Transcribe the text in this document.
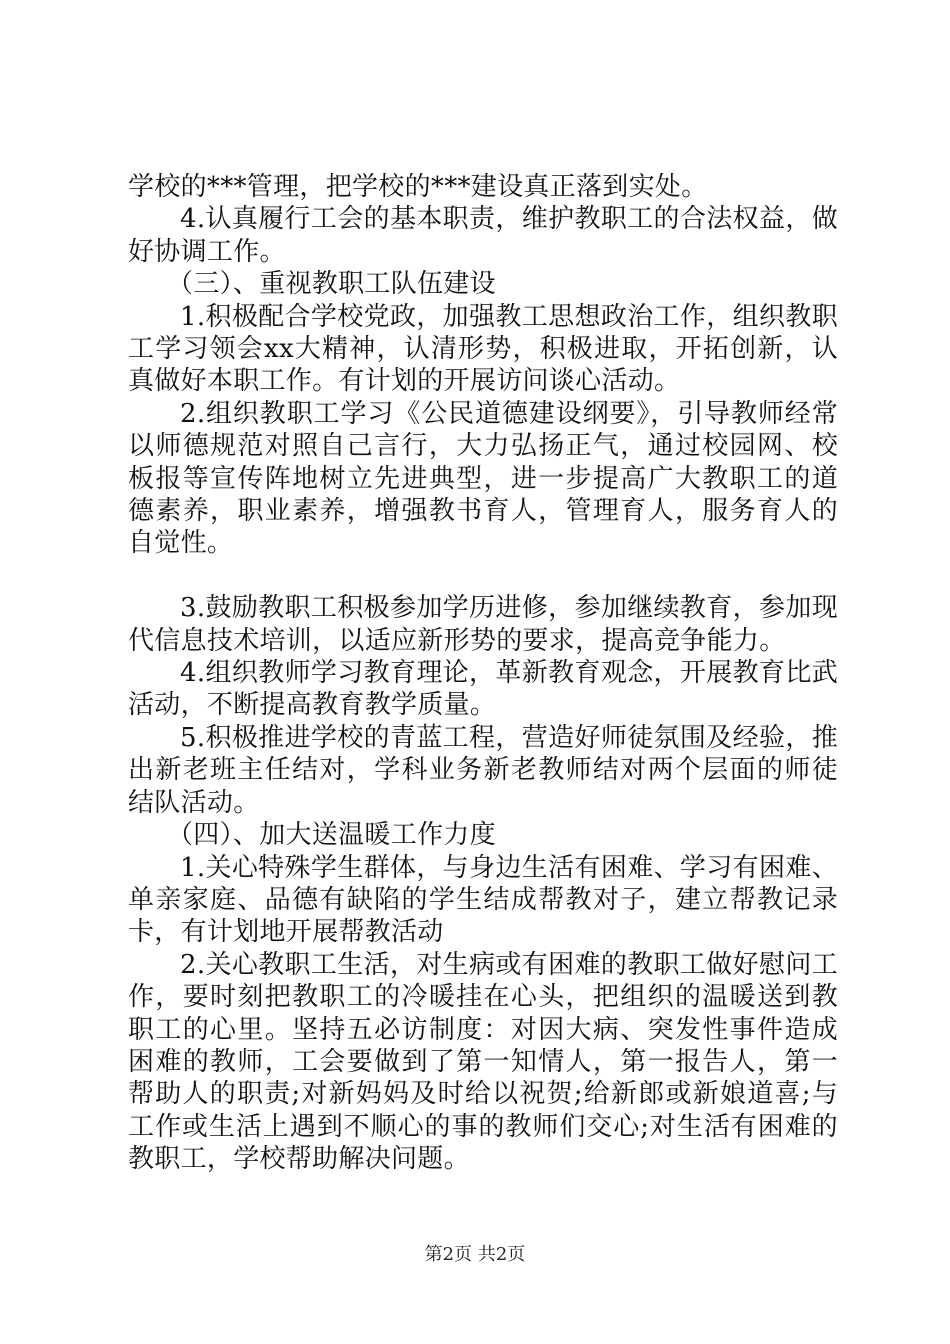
学校的***管理，把学校的***建设真正落到实处。

4.认真履行工会的基本职责，维护教职工的合法权益，做好协调工作。

（三）、重视教职工队伍建设

1.积极配合学校党政，加强教工思想政治工作，组织教职工学习领会xx大精神，认清形势，积极进取，开拓创新，认真做好本职工作。有计划的开展访问谈心活动。

2.组织教职工学习《公民道德建设纲要》，引导教师经常以师德规范对照自己言行，大力弘扬正气，通过校园网、校板报等宣传阵地树立先进典型，进一步提高广大教职工的道德素养，职业素养，增强教书育人，管理育人，服务育人的自觉性。

3.鼓励教职工积极参加学历进修，参加继续教育，参加现代信息技术培训，以适应新形势的要求，提高竞争能力。

4.组织教师学习教育理论，革新教育观念，开展教育比武活动，不断提高教育教学质量。

5.积极推进学校的青蓝工程，营造好师徒氛围及经验，推出新老班主任结对，学科业务新老教师结对两个层面的师徒结队活动。

（四）、加大送温暖工作力度

1.关心特殊学生群体，与身边生活有困难、学习有困难、单亲家庭、品德有缺陷的学生结成帮教对子，建立帮教记录卡，有计划地开展帮教活动

2.关心教职工生活，对生病或有困难的教职工做好慰问工作，要时刻把教职工的冷暖挂在心头，把组织的温暖送到教职工的心里。坚持五必访制度：对因大病、突发性事件造成困难的教师，工会要做到了第一知情人，第一报告人，第一帮助人的职责;对新妈妈及时给以祝贺;给新郎或新娘道喜;与工作或生活上遇到不顺心的事的教师们交心;对生活有困难的教职工，学校帮助解决问题。

第2页 共2页
